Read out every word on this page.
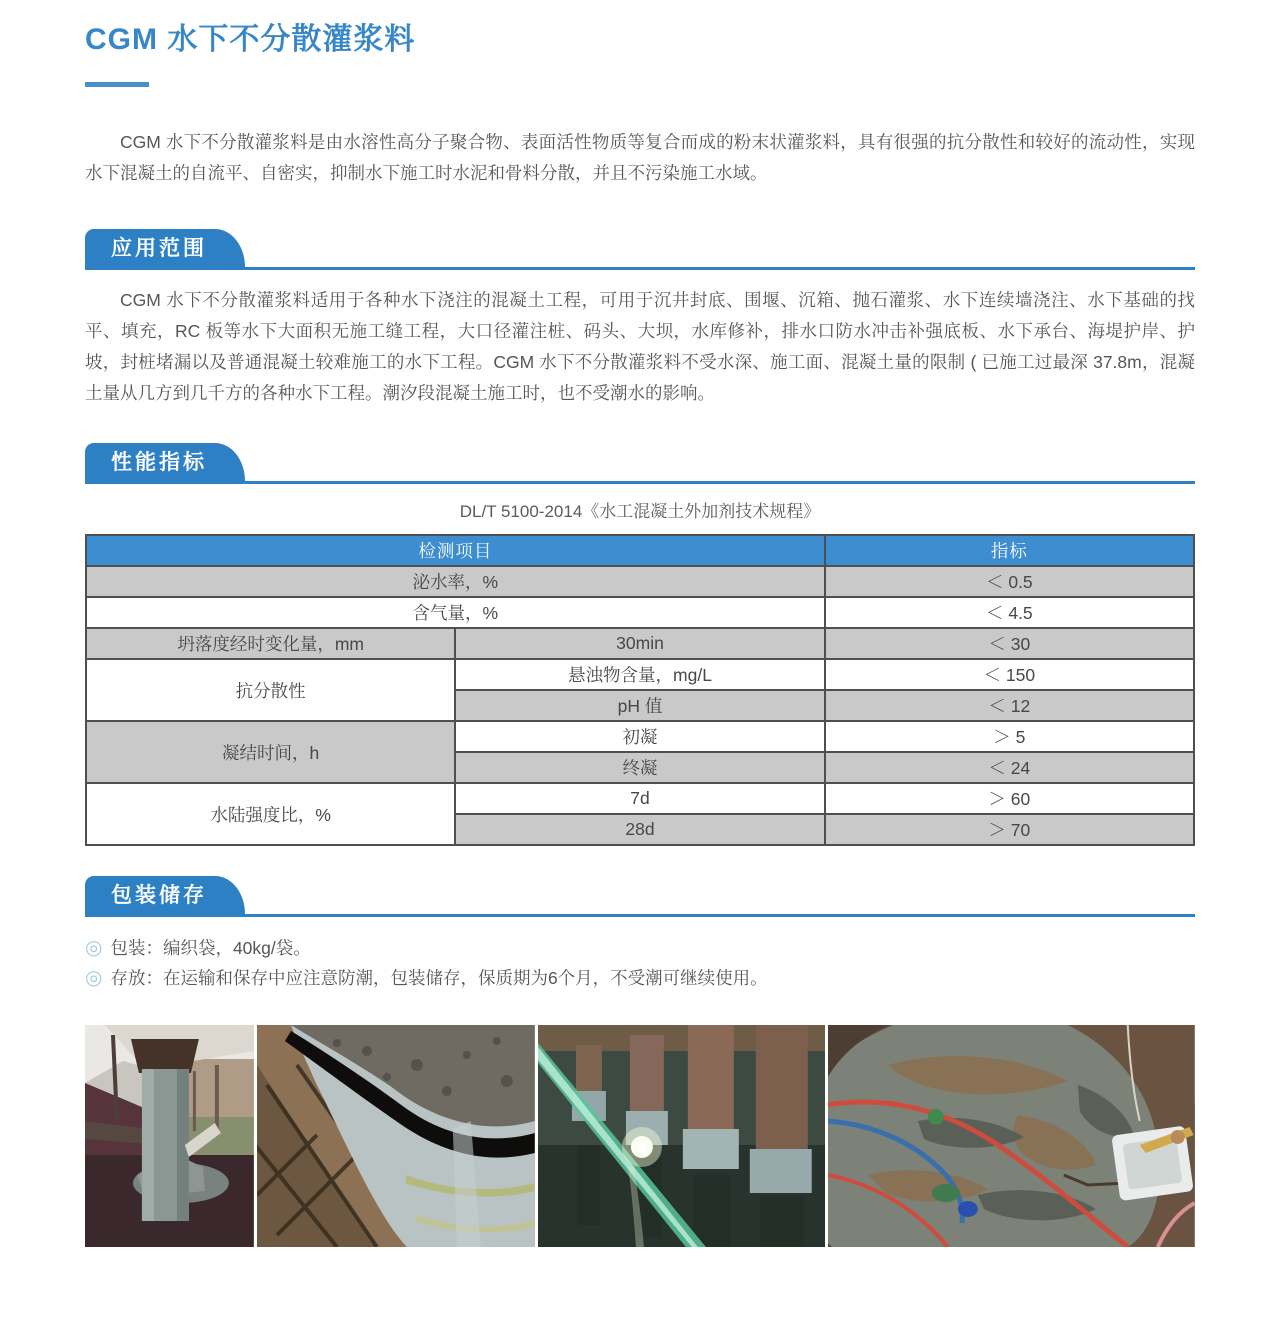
CGM 水下不分散灌浆料

CGM 水下不分散灌浆料是由水溶性高分子聚合物、表面活性物质等复合而成的粉末状灌浆料，具有很强的抗分散性和较好的流动性，实现水下混凝土的自流平、自密实，抑制水下施工时水泥和骨料分散，并且不污染施工水域。

应用范围

CGM 水下不分散灌浆料适用于各种水下浇注的混凝土工程，可用于沉井封底、围堰、沉箱、抛石灌浆、水下连续墙浇注、水下基础的找平、填充，RC 板等水下大面积无施工缝工程，大口径灌注桩、码头、大坝，水库修补，排水口防水冲击补强底板、水下承台、海堤护岸、护坡，封桩堵漏以及普通混凝土较难施工的水下工程。CGM 水下不分散灌浆料不受水深、施工面、混凝土量的限制 ( 已施工过最深 37.8m，混凝土量从几方到几千方的各种水下工程。潮汐段混凝土施工时，也不受潮水的影响。

性能指标

DL/T 5100-2014《水工混凝土外加剂技术规程》

检测项目		指标
泌水率，%		＜ 0.5
含气量，%		＜ 4.5
坍落度经时变化量，mm	30min	＜ 30
抗分散性	悬浊物含量，mg/L	＜ 150
	pH 值	＜ 12
凝结时间，h	初凝	＞ 5
	终凝	＜ 24
水陆强度比，%	7d	＞ 60
	28d	＞ 70
包装储存
◎ 包装：编织袋，40kg/袋。
◎ 存放：在运输和保存中应注意防潮，包装储存，保质期为6个月，不受潮可继续使用。
